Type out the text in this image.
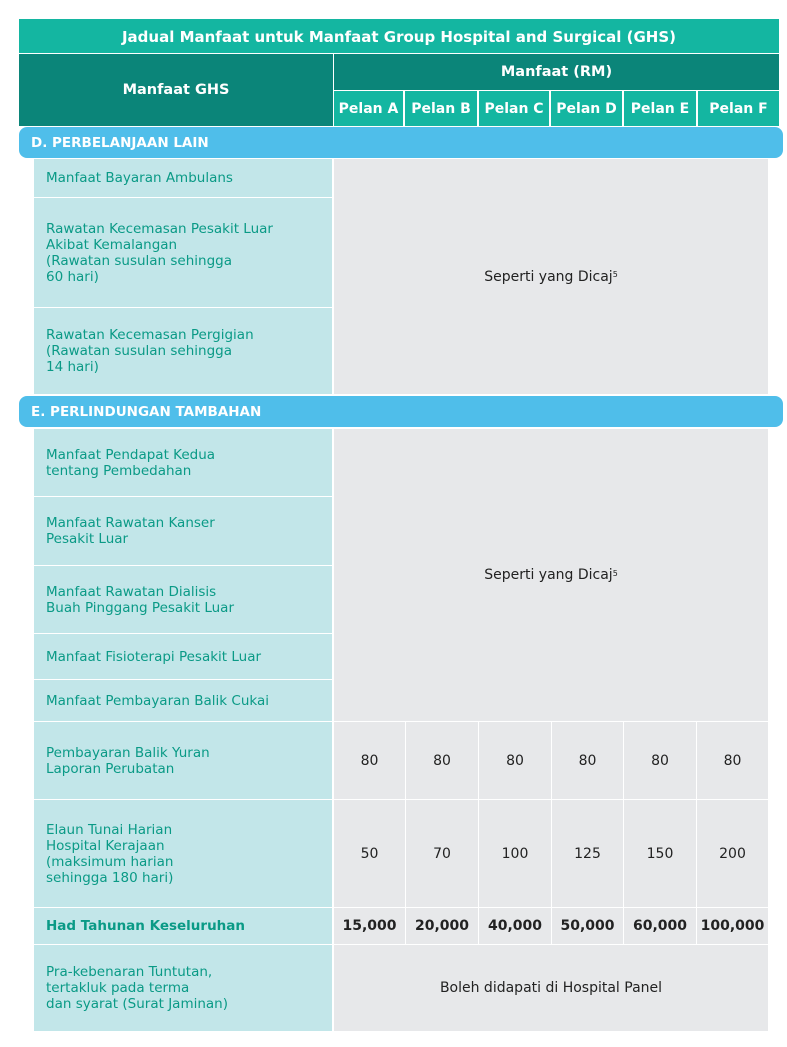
Jadual Manfaat untuk Manfaat Group Hospital and Surgical (GHS)
Manfaat GHS
Manfaat (RM)
Pelan A Pelan B Pelan C Pelan D	Pelan E	Pelan F
D. PERBELANJAAN LAIN
Manfaat Bayaran Ambulans
Rawatan Kecemasan Pesakit Luar
Akibat Kemalangan
(Rawatan susulan sehingga
60 hari)
Rawatan Kecemasan Pergigian
(Rawatan susulan sehingga
14 hari)
Seperti yang Dicaj$^5$
E. PERLINDUNGAN TAMBAHAN
Manfaat Pendapat Kedua
tentang Pembedahan
Manfaat Rawatan Kanser
Pesakit Luar
Manfaat Rawatan Dialisis
Buah Pinggang Pesakit Luar
Manfaat Fisioterapi Pesakit Luar
Manfaat Pembayaran Balik Cukai
Seperti yang Dicaj$^5$
Pembayaran Balik Yuran
Laporan Perubatan	80	80	80	80	80	80
Elaun Tunai Harian
Hospital Kerajaan
(maksimum harian
sehingga 180 hari)
50	70	100	125	150	200
Had Tahunan Keseluruhan	15,000	20,000	40,000	50,000	60,000 100,000
Pra-kebenaran Tuntutan,
tertakluk pada terma
dan syarat (Surat Jaminan)
Boleh didapati di Hospital Panel
